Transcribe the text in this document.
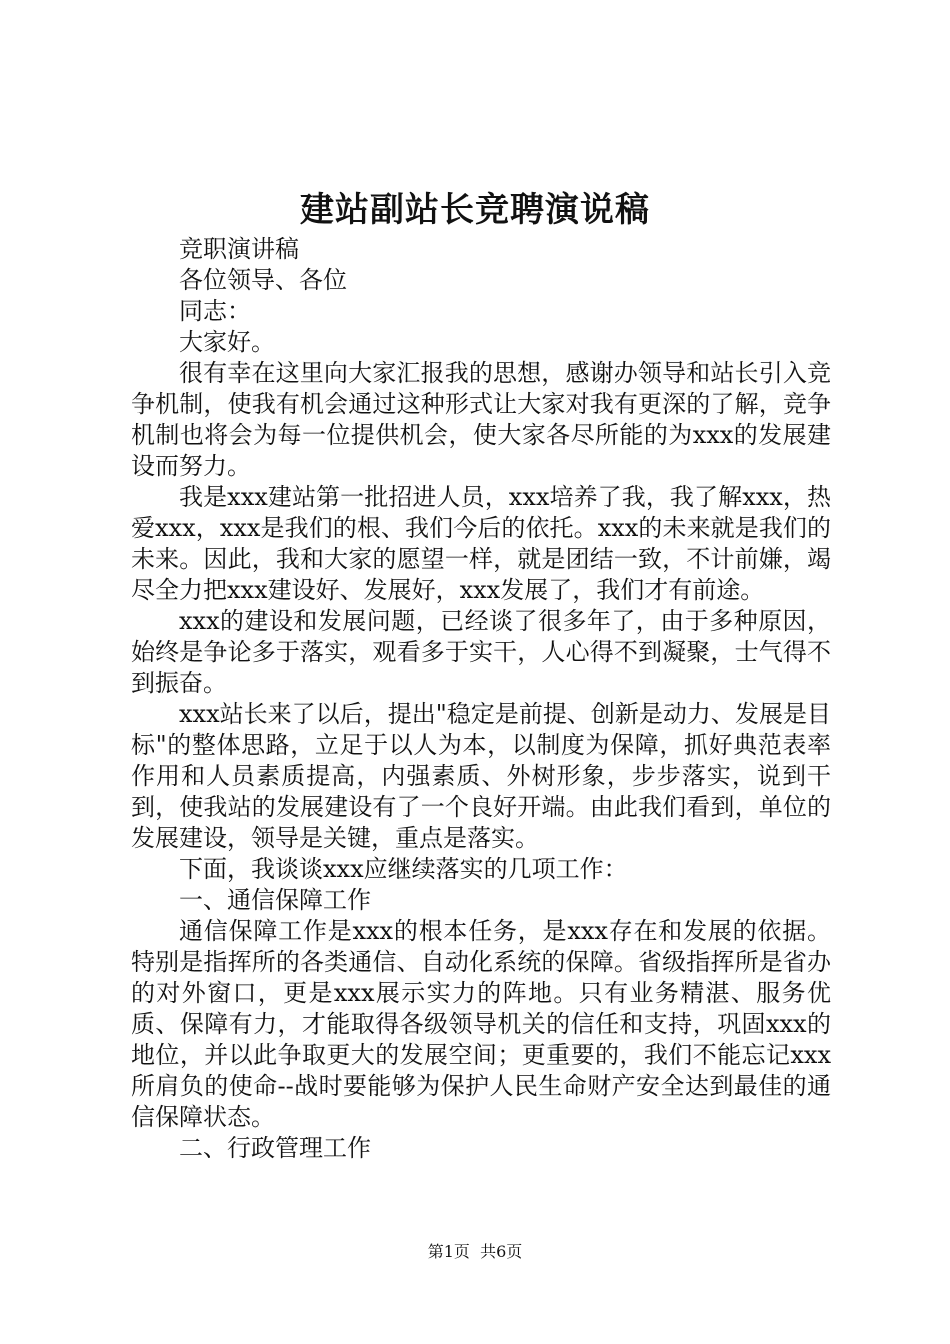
建站副站长竞聘演说稿

竞职演讲稿

各位领导、各位

同志：

大家好。

很有幸在这里向大家汇报我的思想，感谢办领导和站长引入竞争机制，使我有机会通过这种形式让大家对我有更深的了解，竞争机制也将会为每一位提供机会，使大家各尽所能的为xxx的发展建设而努力。

我是xxx建站第一批招进人员，xxx培养了我，我了解xxx，热爱xxx，xxx是我们的根、我们今后的依托。xxx的未来就是我们的未来。因此，我和大家的愿望一样，就是团结一致，不计前嫌，竭尽全力把xxx建设好、发展好，xxx发展了，我们才有前途。

xxx的建设和发展问题，已经谈了很多年了，由于多种原因，始终是争论多于落实，观看多于实干，人心得不到凝聚，士气得不到振奋。

xxx站长来了以后，提出"稳定是前提、创新是动力、发展是目标"的整体思路，立足于以人为本，以制度为保障，抓好典范表率作用和人员素质提高，内强素质、外树形象，步步落实，说到干到，使我站的发展建设有了一个良好开端。由此我们看到，单位的发展建设，领导是关键，重点是落实。

下面，我谈谈xxx应继续落实的几项工作：

一、通信保障工作

通信保障工作是xxx的根本任务，是xxx存在和发展的依据。特别是指挥所的各类通信、自动化系统的保障。省级指挥所是省办的对外窗口，更是xxx展示实力的阵地。只有业务精湛、服务优质、保障有力，才能取得各级领导机关的信任和支持，巩固xxx的地位，并以此争取更大的发展空间；更重要的，我们不能忘记xxx所肩负的使命--战时要能够为保护人民生命财产安全达到最佳的通信保障状态。

二、行政管理工作

第1页  共6页
